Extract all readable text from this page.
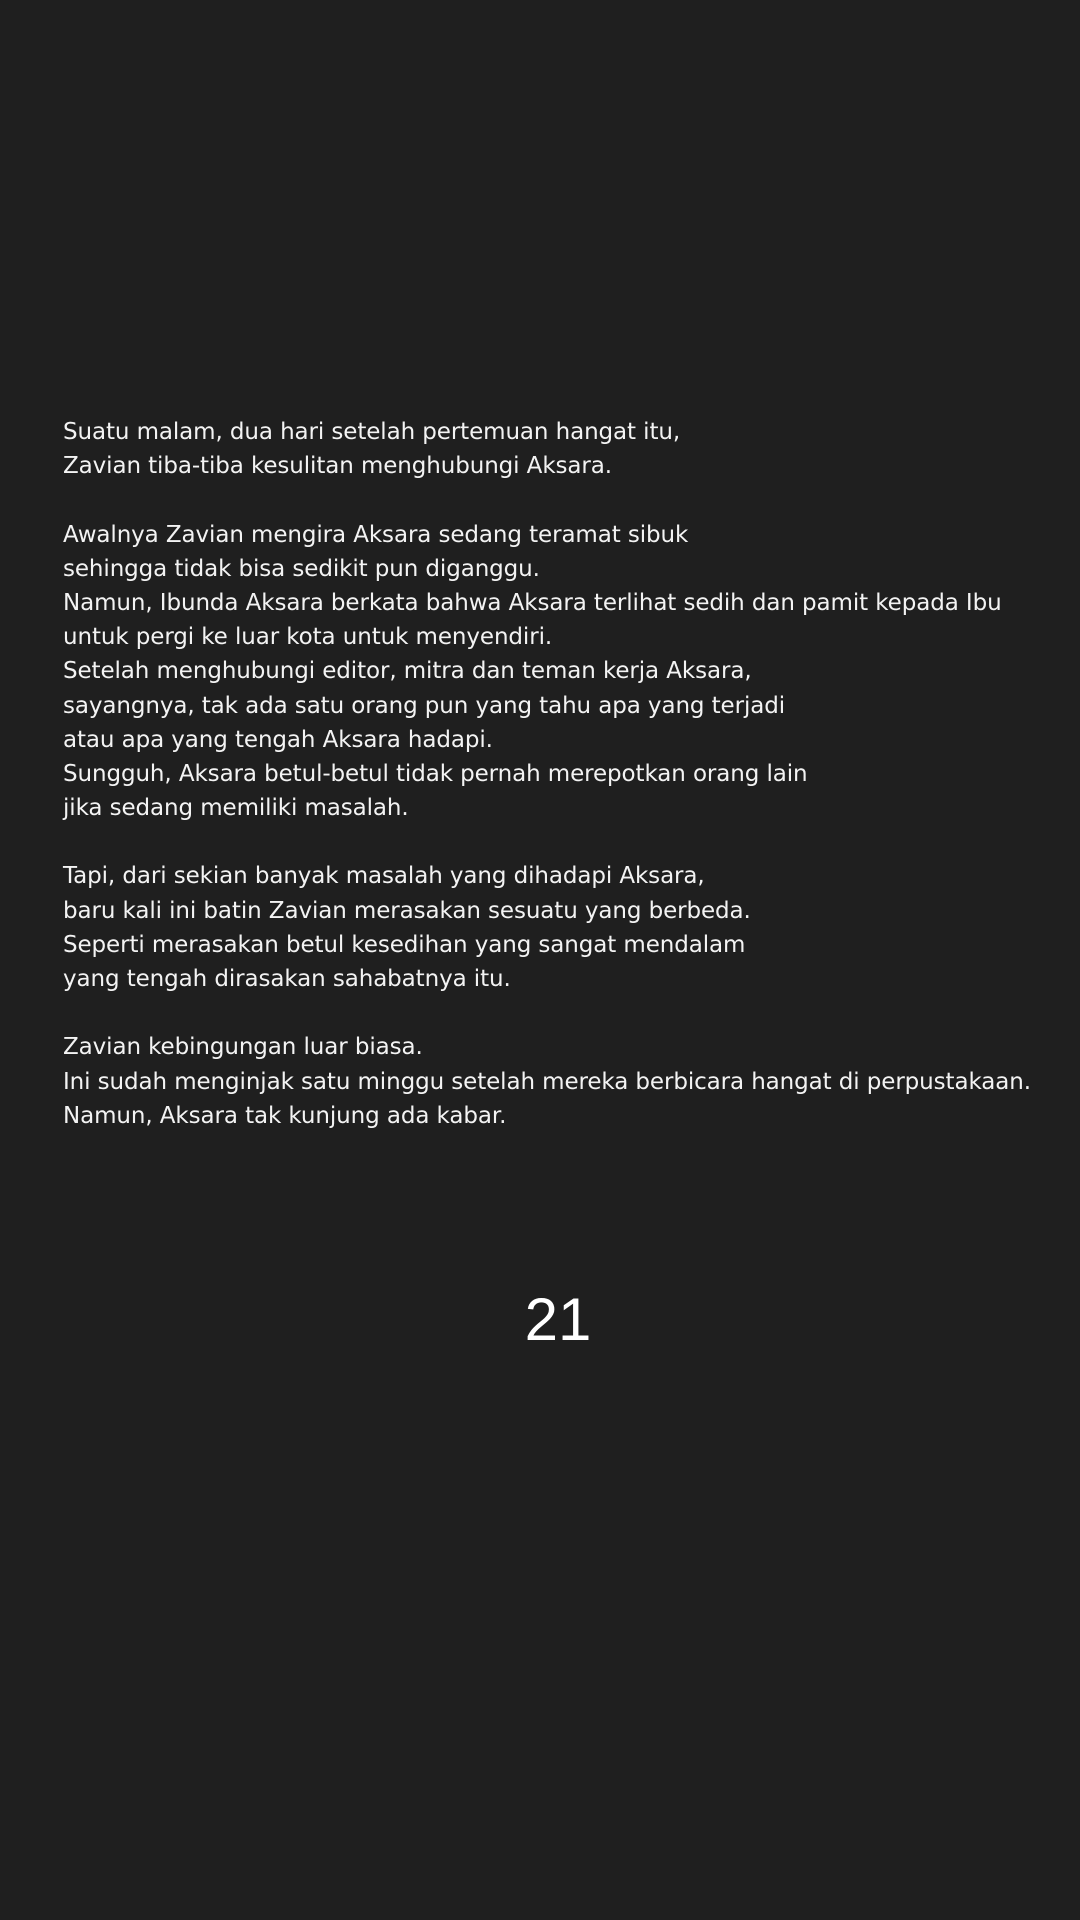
Suatu malam, dua hari setelah pertemuan hangat itu,
Zavian tiba-tiba kesulitan menghubungi Aksara.
Awalnya Zavian mengira Aksara sedang teramat sibuk
sehingga tidak bisa sedikit pun diganggu.
Namun, Ibunda Aksara berkata bahwa Aksara terlihat sedih dan pamit kepada Ibu
untuk pergi ke luar kota untuk menyendiri.
Setelah menghubungi editor, mitra dan teman kerja Aksara,
sayangnya, tak ada satu orang pun yang tahu apa yang terjadi
atau apa yang tengah Aksara hadapi.
Sungguh, Aksara betul-betul tidak pernah merepotkan orang lain
jika sedang memiliki masalah.
Tapi, dari sekian banyak masalah yang dihadapi Aksara,
baru kali ini batin Zavian merasakan sesuatu yang berbeda.
Seperti merasakan betul kesedihan yang sangat mendalam
yang tengah dirasakan sahabatnya itu.
Zavian kebingungan luar biasa.
Ini sudah menginjak satu minggu setelah mereka berbicara hangat di perpustakaan.
Namun, Aksara tak kunjung ada kabar.
21
